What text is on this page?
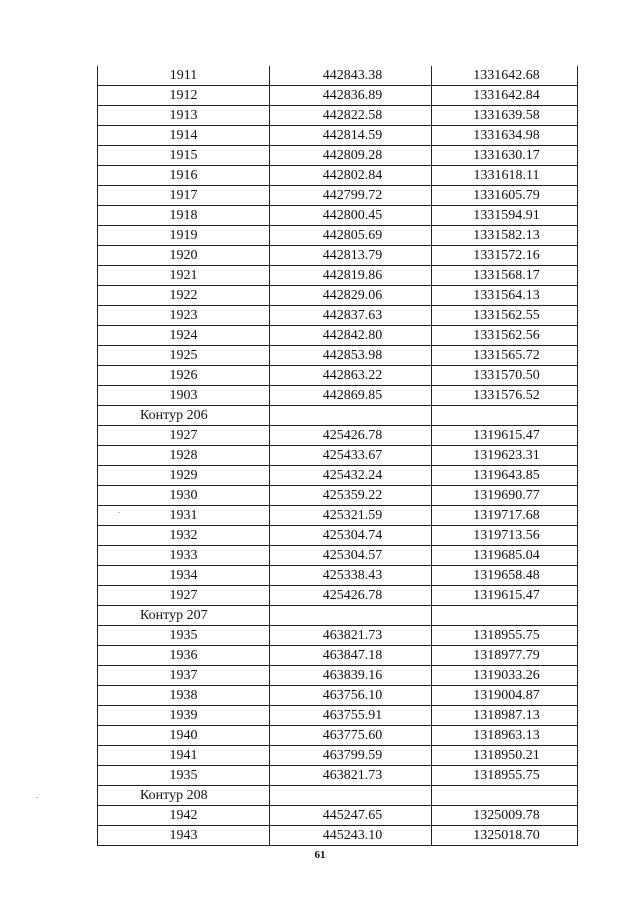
1911	442843.38	1331642.68
1912	442836.89	1331642.84
1913	442822.58	1331639.58
1914	442814.59	1331634.98
1915	442809.28	1331630.17
1916	442802.84	1331618.11
1917	442799.72	1331605.79
1918	442800.45	1331594.91
1919	442805.69	1331582.13
1920	442813.79	1331572.16
1921	442819.86	1331568.17
1922	442829.06	1331564.13
1923	442837.63	1331562.55
1924	442842.80	1331562.56
1925	442853.98	1331565.72
1926	442863.22	1331570.50
1903	442869.85	1331576.52
Контур 206		
1927	425426.78	1319615.47
1928	425433.67	1319623.31
1929	425432.24	1319643.85
1930	425359.22	1319690.77
1931	425321.59	1319717.68
1932	425304.74	1319713.56
1933	425304.57	1319685.04
1934	425338.43	1319658.48
1927	425426.78	1319615.47
Контур 207		
1935	463821.73	1318955.75
1936	463847.18	1318977.79
1937	463839.16	1319033.26
1938	463756.10	1319004.87
1939	463755.91	1318987.13
1940	463775.60	1318963.13
1941	463799.59	1318950.21
1935	463821.73	1318955.75
Контур 208		
1942	445247.65	1325009.78
1943	445243.10	1325018.70
61
